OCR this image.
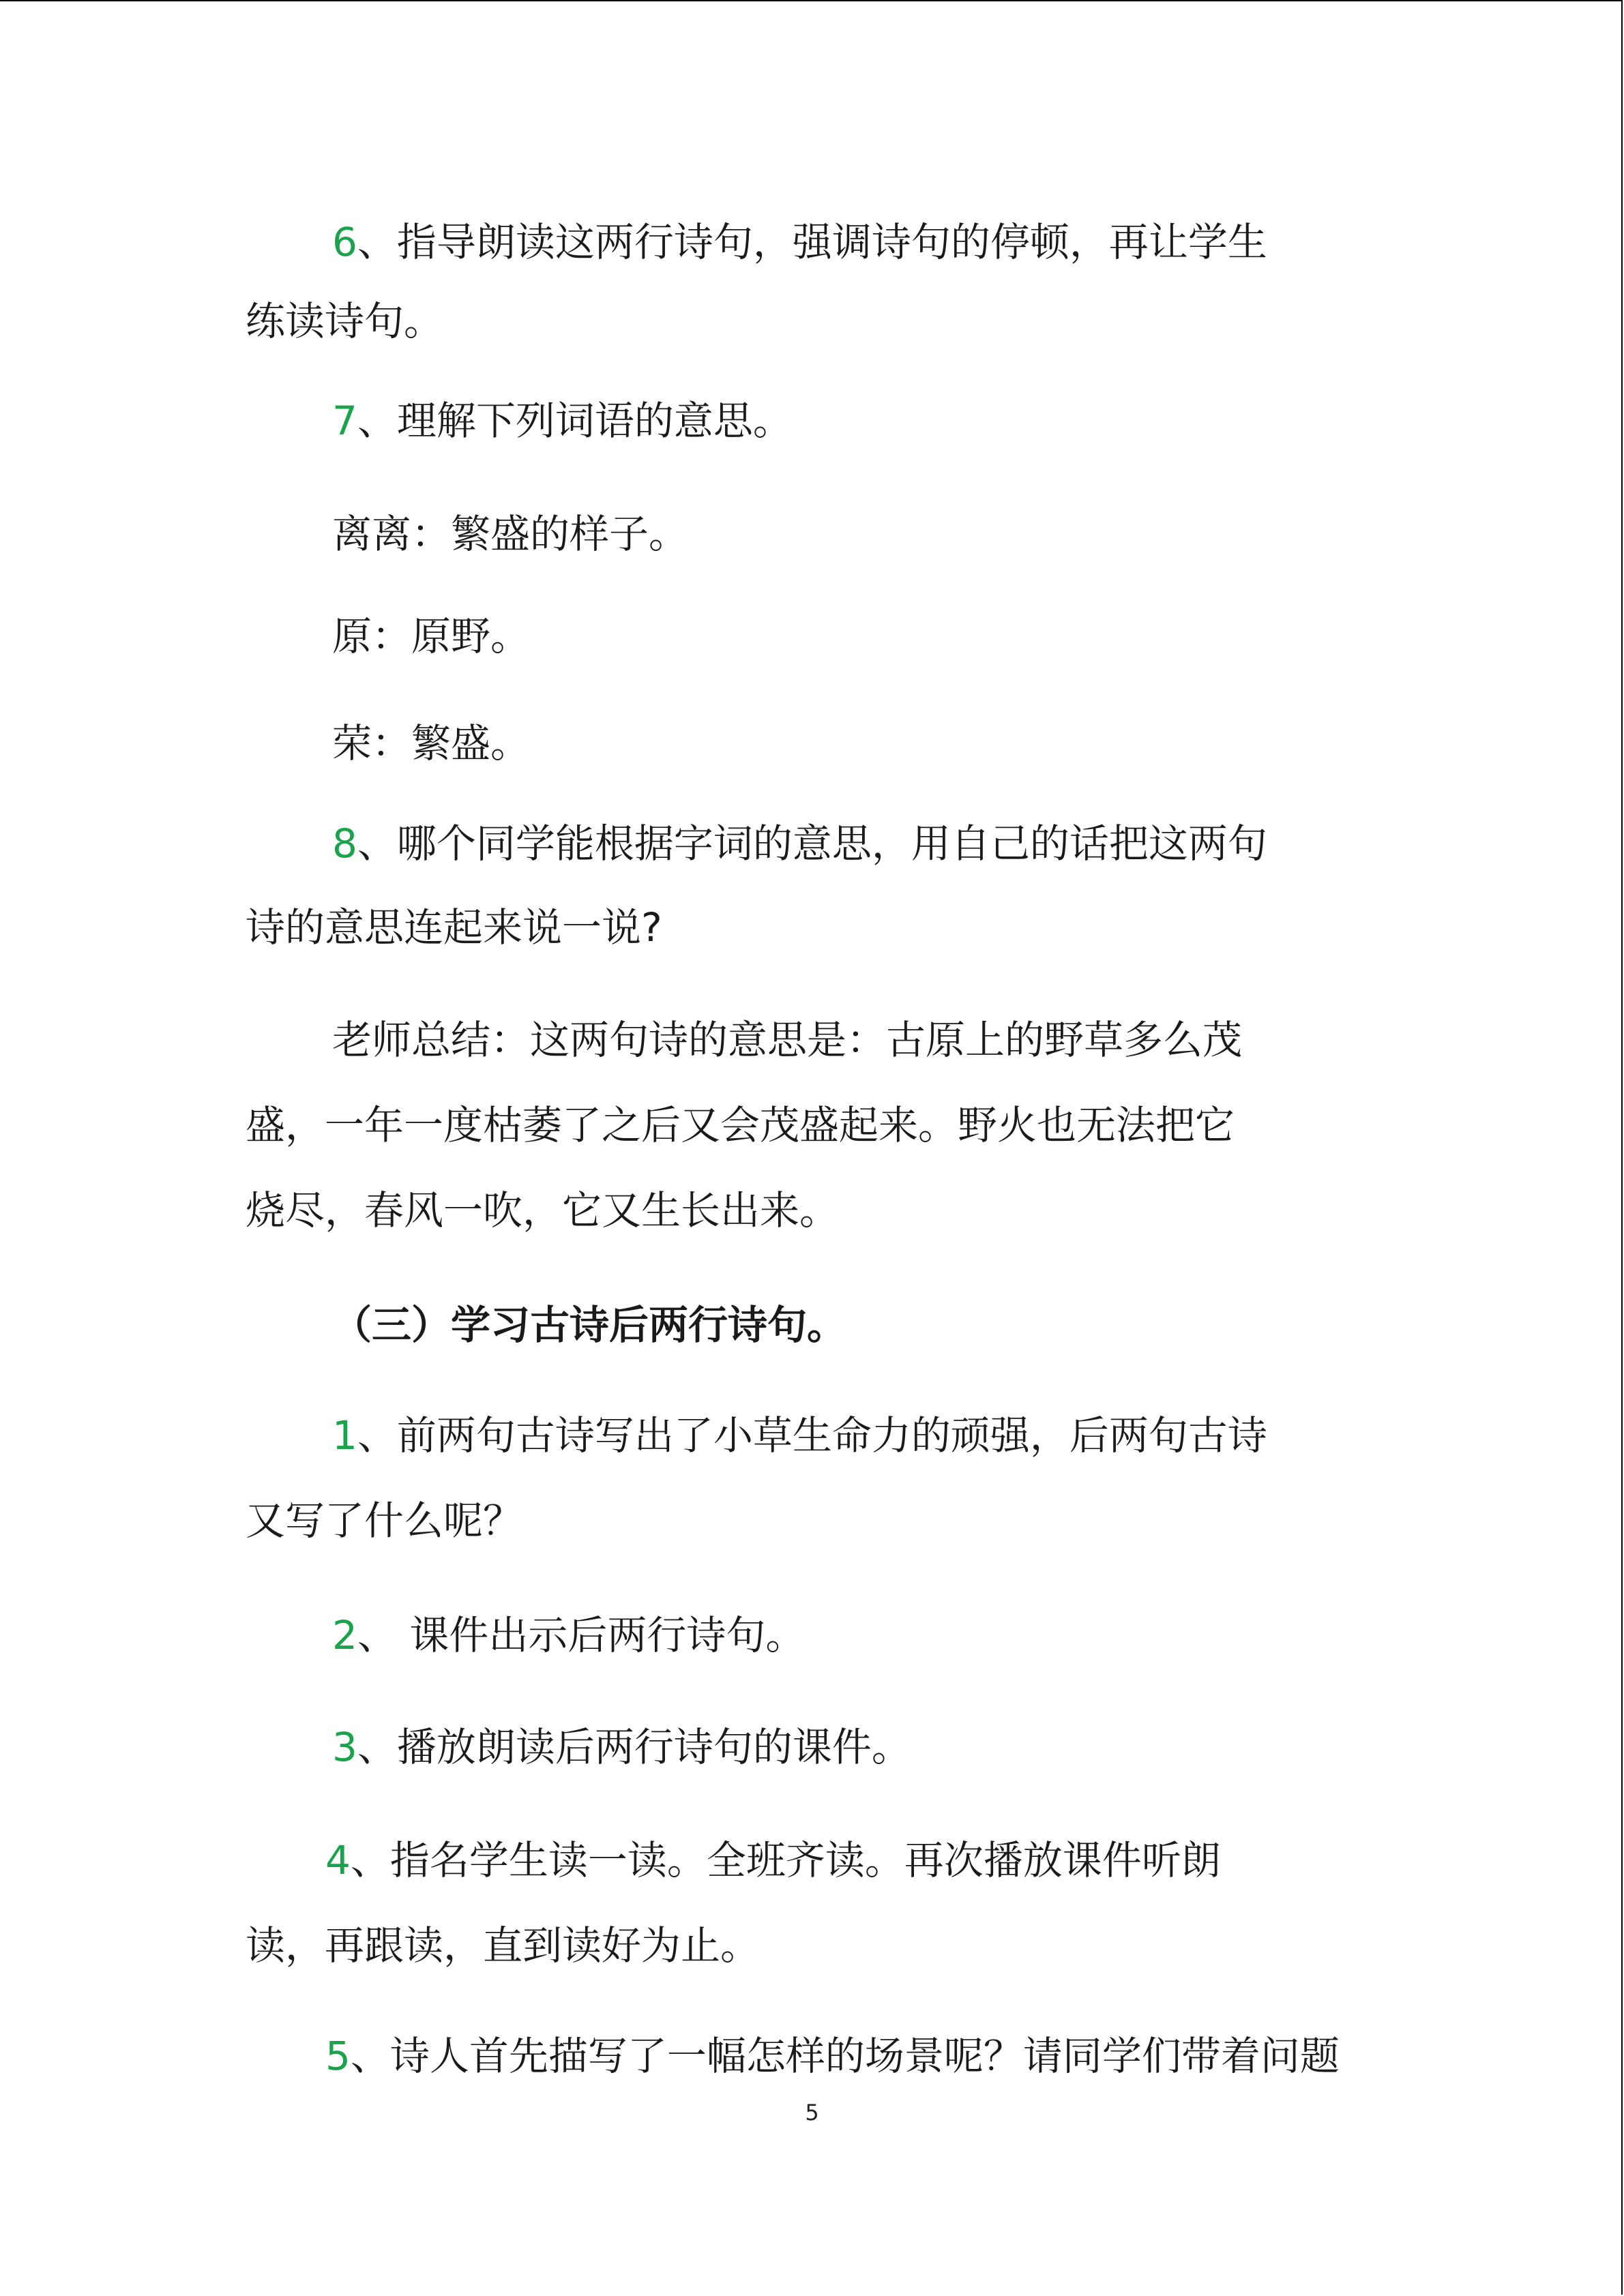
6、指导朗读这两行诗句，强调诗句的停顿，再让学生
练读诗句。
7、理解下列词语的意思。
离离：繁盛的样子。
原：原野。
荣：繁盛。
8、哪个同学能根据字词的意思，用自己的话把这两句
诗的意思连起来说一说?
老师总结：这两句诗的意思是：古原上的野草多么茂
盛，一年一度枯萎了之后又会茂盛起来。野火也无法把它
烧尽，春风一吹，它又生长出来。
（三）学习古诗后两行诗句。
1、前两句古诗写出了小草生命力的顽强，后两句古诗
又写了什么呢？
2、 课件出示后两行诗句。
3、播放朗读后两行诗句的课件。
4、指名学生读一读。全班齐读。再次播放课件听朗
读，再跟读，直到读好为止。
5、诗人首先描写了一幅怎样的场景呢？请同学们带着问题
5
